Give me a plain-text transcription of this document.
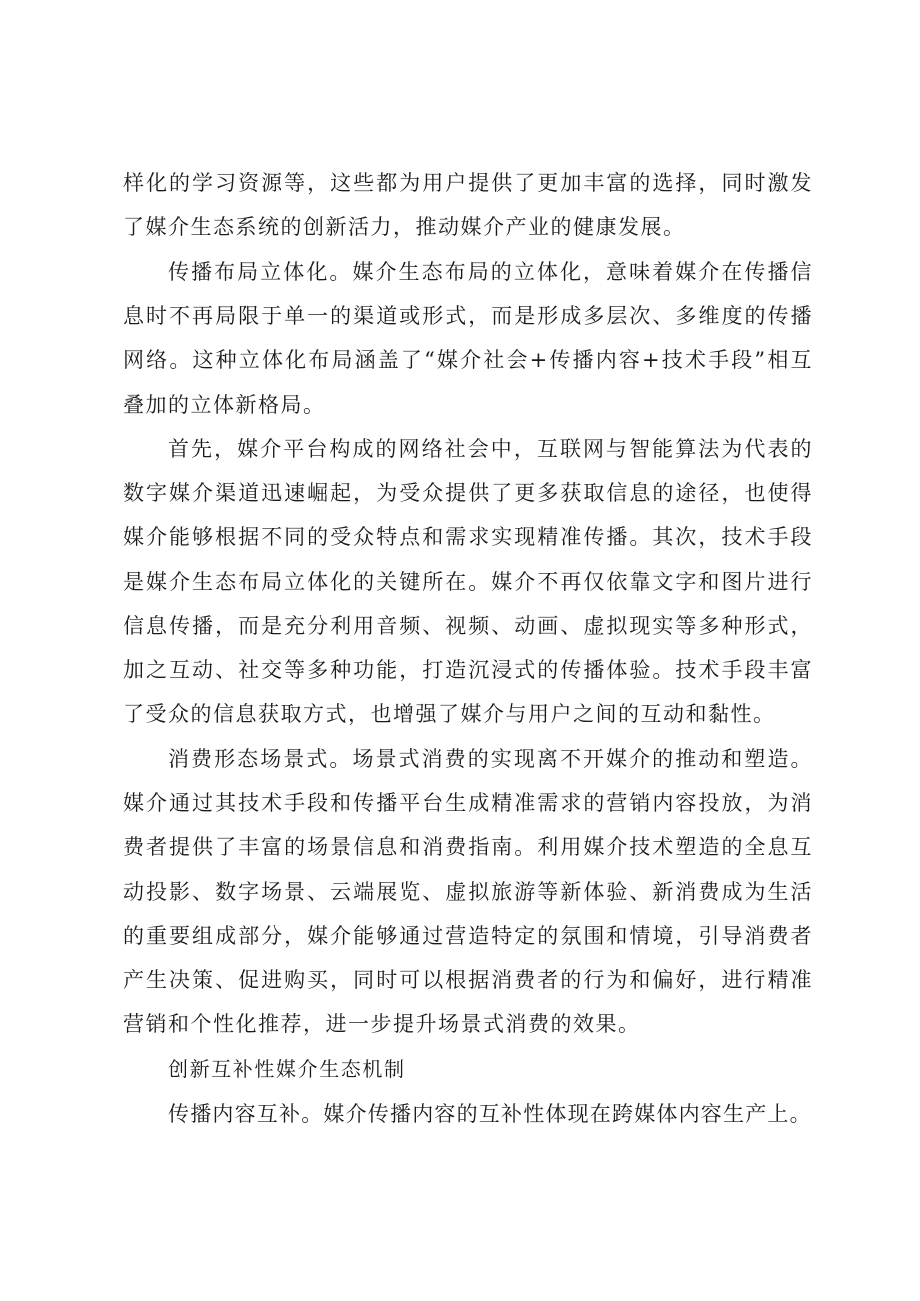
样化的学习资源等，这些都为用户提供了更加丰富的选择，同时激发了媒介生态系统的创新活力，推动媒介产业的健康发展。

传播布局立体化。媒介生态布局的立体化，意味着媒介在传播信息时不再局限于单一的渠道或形式，而是形成多层次、多维度的传播网络。这种立体化布局涵盖了“媒介社会+传播内容+技术手段”相互叠加的立体新格局。

首先，媒介平台构成的网络社会中，互联网与智能算法为代表的数字媒介渠道迅速崛起，为受众提供了更多获取信息的途径，也使得媒介能够根据不同的受众特点和需求实现精准传播。其次，技术手段是媒介生态布局立体化的关键所在。媒介不再仅依靠文字和图片进行信息传播，而是充分利用音频、视频、动画、虚拟现实等多种形式，加之互动、社交等多种功能，打造沉浸式的传播体验。技术手段丰富了受众的信息获取方式，也增强了媒介与用户之间的互动和黏性。

消费形态场景式。场景式消费的实现离不开媒介的推动和塑造。媒介通过其技术手段和传播平台生成精准需求的营销内容投放，为消费者提供了丰富的场景信息和消费指南。利用媒介技术塑造的全息互动投影、数字场景、云端展览、虚拟旅游等新体验、新消费成为生活的重要组成部分，媒介能够通过营造特定的氛围和情境，引导消费者产生决策、促进购买，同时可以根据消费者的行为和偏好，进行精准营销和个性化推荐，进一步提升场景式消费的效果。

创新互补性媒介生态机制

传播内容互补。媒介传播内容的互补性体现在跨媒体内容生产上。
